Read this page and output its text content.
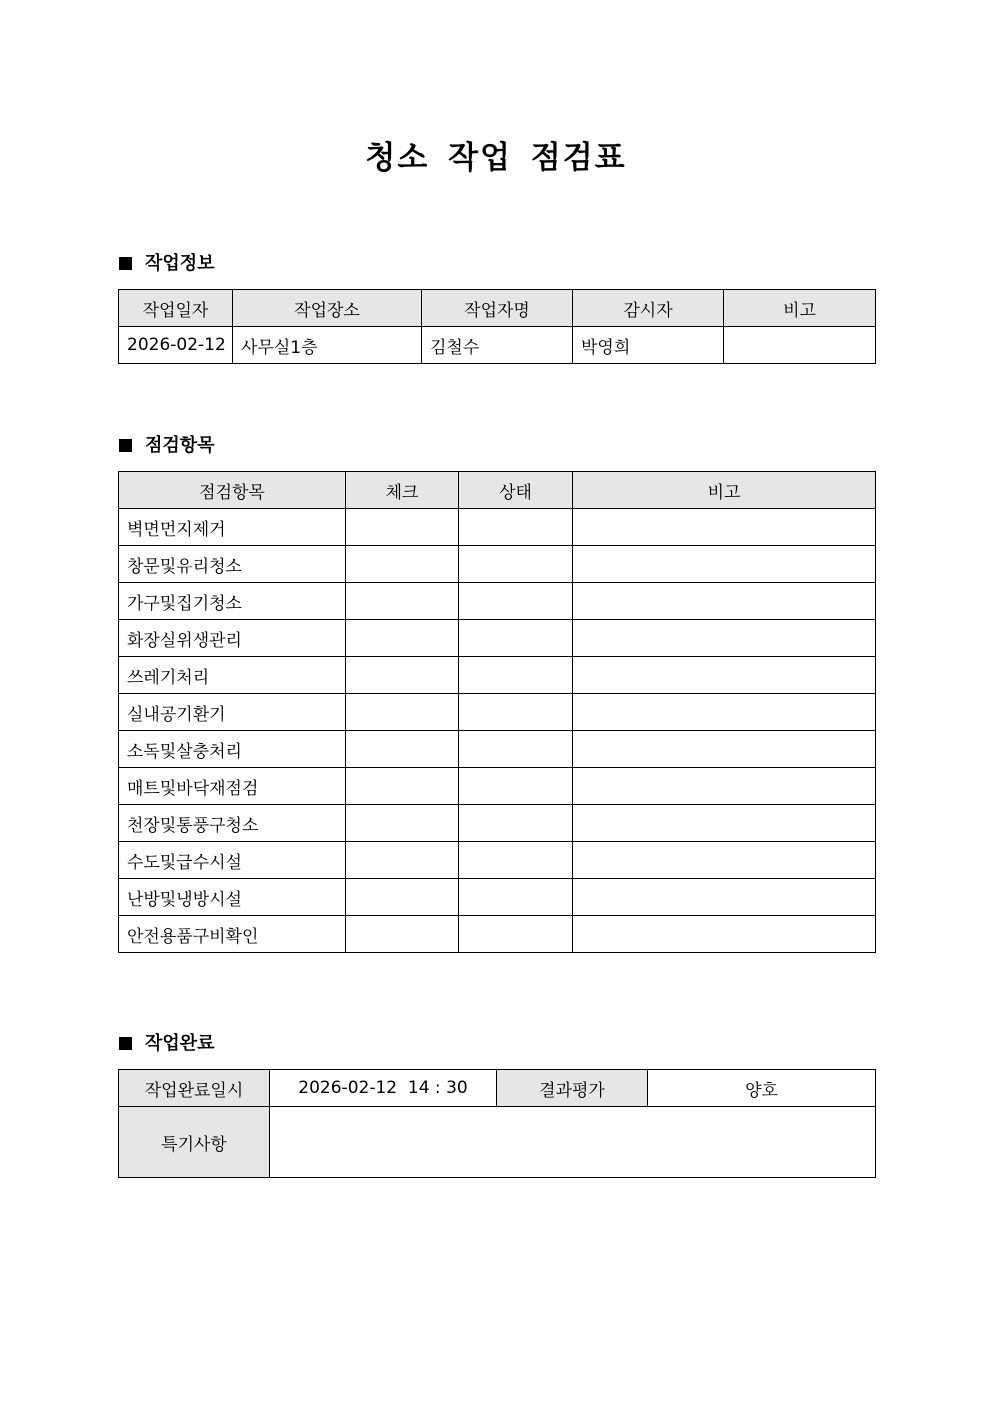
청소 작업 점검표
작업정보
작업일자	작업장소	작업자명	감시자	비고
2026-02-12	사무실1층	김철수	박영희	
점검항목
점검항목	체크	상태	비고
벽면먼지제거			
창문및유리청소			
가구및집기청소			
화장실위생관리			
쓰레기처리			
실내공기환기			
소독및살충처리			
매트및바닥재점검			
천장및통풍구청소			
수도및급수시설			
난방및냉방시설			
안전용품구비확인			
작업완료
작업완료일시	2026-02-12  14 : 30	결과평가	양호
특기사항			
